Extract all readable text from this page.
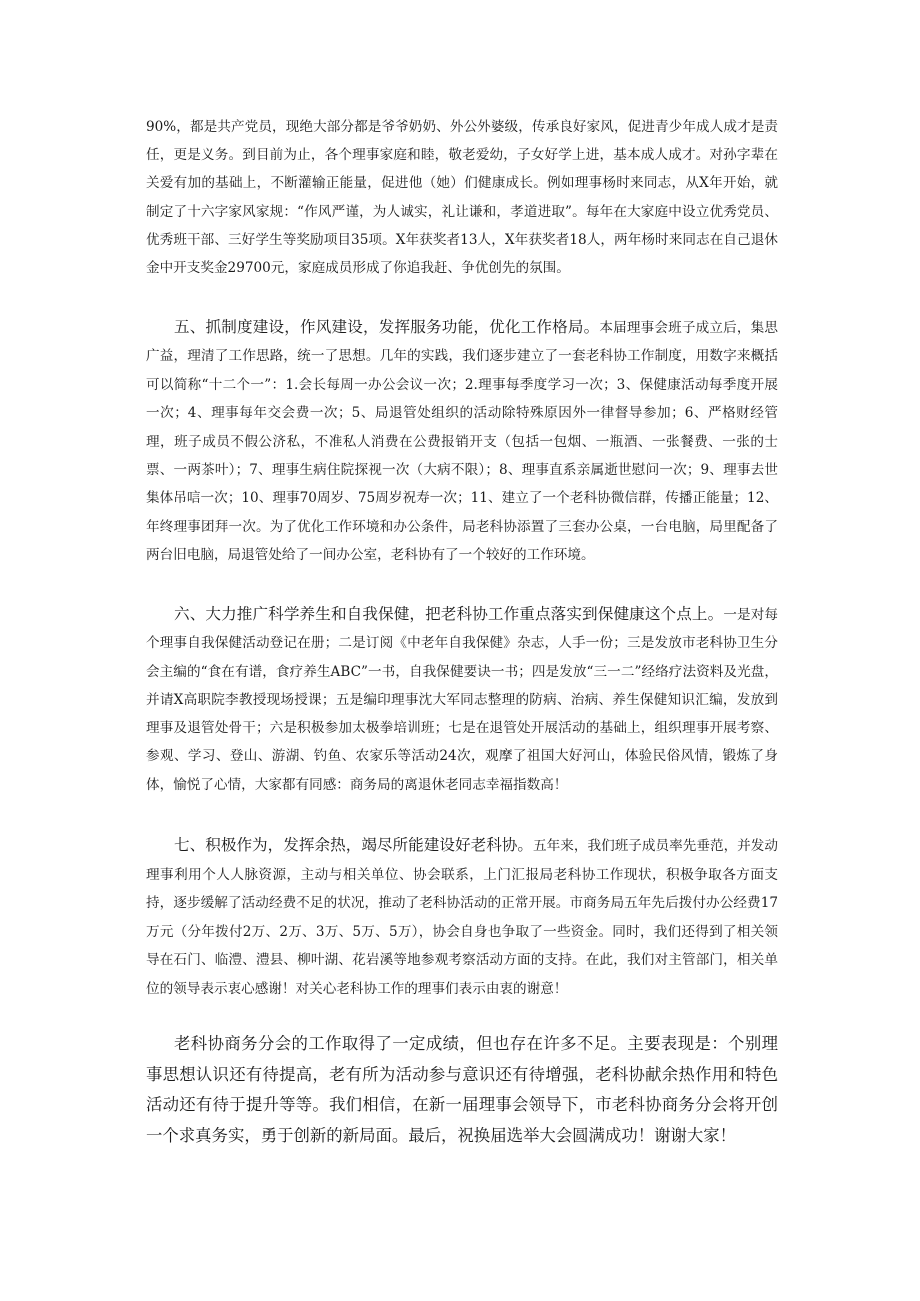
90%，都是共产党员，现绝大部分都是爷爷奶奶、外公外婆级，传承良好家风，促进青少年成人成才是责任，更是义务。到目前为止，各个理事家庭和睦，敬老爱幼，子女好学上进，基本成人成才。对孙字辈在关爱有加的基础上，不断灌输正能量，促进他（她）们健康成长。例如理事杨时来同志，从X年开始，就制定了十六字家风家规：“作风严谨，为人诚实，礼让谦和，孝道进取”。每年在大家庭中设立优秀党员、优秀班干部、三好学生等奖励项目35项。X年获奖者13人，X年获奖者18人，两年杨时来同志在自己退休金中开支奖金29700元，家庭成员形成了你追我赶、争优创先的氛围。

五、抓制度建设，作风建设，发挥服务功能，优化工作格局。本届理事会班子成立后，集思广益，理清了工作思路，统一了思想。几年的实践，我们逐步建立了一套老科协工作制度，用数字来概括可以简称“十二个一”：1.会长每周一办公会议一次；2.理事每季度学习一次；3、保健康活动每季度开展一次；4、理事每年交会费一次；5、局退管处组织的活动除特殊原因外一律督导参加；6、严格财经管理，班子成员不假公济私，不准私人消费在公费报销开支（包括一包烟、一瓶酒、一张餐费、一张的士票、一两茶叶）；7、理事生病住院探视一次（大病不限）；8、理事直系亲属逝世慰问一次；9、理事去世集体吊唁一次；10、理事70周岁、75周岁祝寿一次；11、建立了一个老科协微信群，传播正能量；12、年终理事团拜一次。为了优化工作环境和办公条件，局老科协添置了三套办公桌，一台电脑，局里配备了两台旧电脑，局退管处给了一间办公室，老科协有了一个较好的工作环境。

六、大力推广科学养生和自我保健，把老科协工作重点落实到保健康这个点上。一是对每个理事自我保健活动登记在册；二是订阅《中老年自我保健》杂志，人手一份；三是发放市老科协卫生分会主编的“食在有谱，食疗养生ABC”一书，自我保健要诀一书；四是发放“三一二”经络疗法资料及光盘，并请X高职院李教授现场授课；五是编印理事沈大军同志整理的防病、治病、养生保健知识汇编，发放到理事及退管处骨干；六是积极参加太极拳培训班；七是在退管处开展活动的基础上，组织理事开展考察、参观、学习、登山、游湖、钓鱼、农家乐等活动24次，观摩了祖国大好河山，体验民俗风情，锻炼了身体，愉悦了心情，大家都有同感：商务局的离退休老同志幸福指数高！

七、积极作为，发挥余热，竭尽所能建设好老科协。五年来，我们班子成员率先垂范，并发动理事利用个人人脉资源，主动与相关单位、协会联系，上门汇报局老科协工作现状，积极争取各方面支持，逐步缓解了活动经费不足的状况，推动了老科协活动的正常开展。市商务局五年先后拨付办公经费17万元（分年拨付2万、2万、3万、5万、5万），协会自身也争取了一些资金。同时，我们还得到了相关领导在石门、临澧、澧县、柳叶湖、花岩溪等地参观考察活动方面的支持。在此，我们对主管部门，相关单位的领导表示衷心感谢！对关心老科协工作的理事们表示由衷的谢意！

老科协商务分会的工作取得了一定成绩，但也存在许多不足。主要表现是：个别理事思想认识还有待提高，老有所为活动参与意识还有待增强，老科协献余热作用和特色活动还有待于提升等等。我们相信，在新一届理事会领导下，市老科协商务分会将开创一个求真务实，勇于创新的新局面。最后，祝换届选举大会圆满成功！谢谢大家！
